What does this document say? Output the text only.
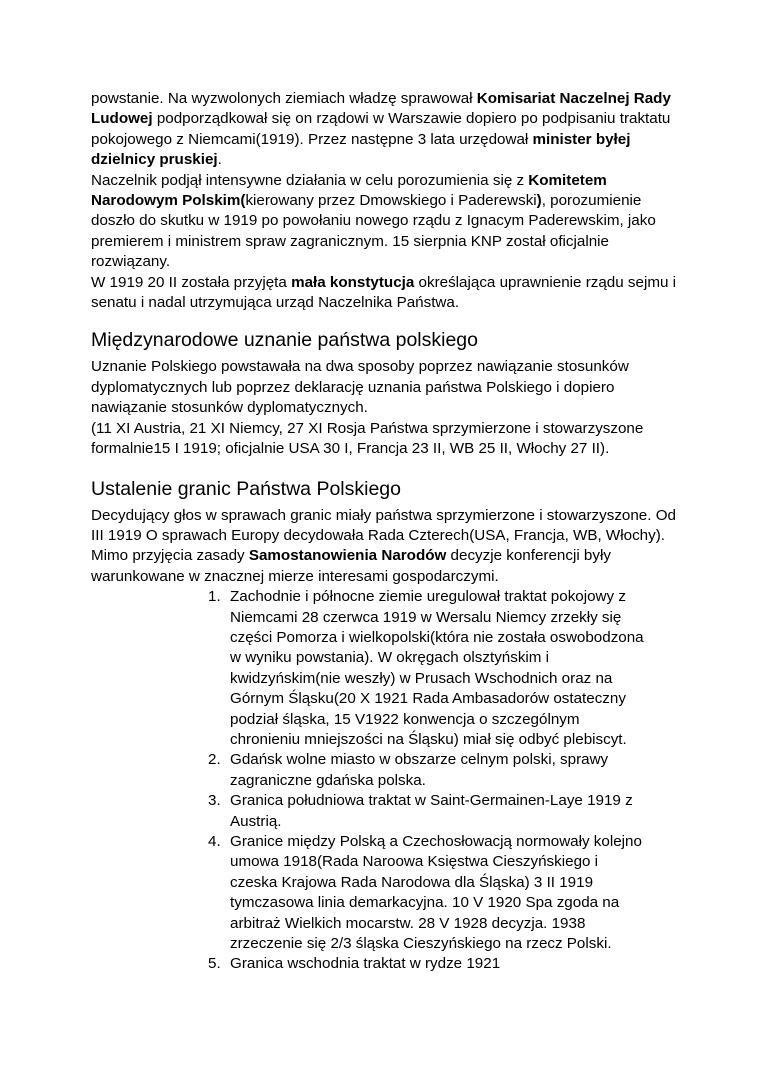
powstanie. Na wyzwolonych ziemiach władzę sprawował Komisariat Naczelnej Rady Ludowej podporządkował się on rządowi w Warszawie dopiero po podpisaniu traktatu pokojowego z Niemcami(1919). Przez następne 3 lata urzędował minister byłej dzielnicy pruskiej.

Naczelnik podjął intensywne działania w celu porozumienia się z Komitetem Narodowym Polskim(kierowany przez Dmowskiego i Paderewski), porozumienie doszło do skutku w 1919 po powołaniu nowego rządu z Ignacym Paderewskim, jako premierem i ministrem spraw zagranicznym. 15 sierpnia KNP został oficjalnie rozwiązany.

W 1919 20 II została przyjęta mała konstytucja określająca uprawnienie rządu sejmu i senatu i nadal utrzymująca urząd Naczelnika Państwa.

Międzynarodowe uznanie państwa polskiego

Uznanie Polskiego powstawała na dwa sposoby poprzez nawiązanie stosunków dyplomatycznych lub poprzez deklarację uznania państwa Polskiego i dopiero nawiązanie stosunków dyplomatycznych.

(11 XI Austria, 21 XI Niemcy, 27 XI Rosja Państwa sprzymierzone i stowarzyszone formalnie15 I 1919; oficjalnie USA 30 I, Francja 23 II, WB 25 II, Włochy 27 II).

Ustalenie granic Państwa Polskiego

Decydujący głos w sprawach granic miały państwa sprzymierzone i stowarzyszone. Od III 1919 O sprawach Europy decydowała Rada Czterech(USA, Francja, WB, Włochy). Mimo przyjęcia zasady Samostanowienia Narodów decyzje konferencji były warunkowane w znacznej mierze interesami gospodarczymi.

1. Zachodnie i północne ziemie uregulował traktat pokojowy z Niemcami 28 czerwca 1919 w Wersalu Niemcy zrzekły się części Pomorza i wielkopolski(która nie została oswobodzona w wyniku powstania). W okręgach olsztyńskim i kwidzyńskim(nie weszły) w Prusach Wschodnich oraz na Górnym Śląsku(20 X 1921 Rada Ambasadorów ostateczny podział śląska, 15 V1922 konwencja o szczególnym chronieniu mniejszości na Śląsku) miał się odbyć plebiscyt.
2. Gdańsk wolne miasto w obszarze celnym polski, sprawy zagraniczne gdańska polska.
3. Granica południowa traktat w Saint-Germainen-Laye 1919 z Austrią.
4. Granice między Polską a Czechosłowacją normowały kolejno umowa 1918(Rada Naroowa Księstwa Cieszyńskiego i czeska Krajowa Rada Narodowa dla Śląska) 3 II 1919 tymczasowa linia demarkacyjna. 10 V 1920 Spa zgoda na arbitraż Wielkich mocarstw. 28 V 1928 decyzja. 1938 zrzeczenie się 2/3 śląska Cieszyńskiego na rzecz Polski.
5. Granica wschodnia traktat w rydze 1921
